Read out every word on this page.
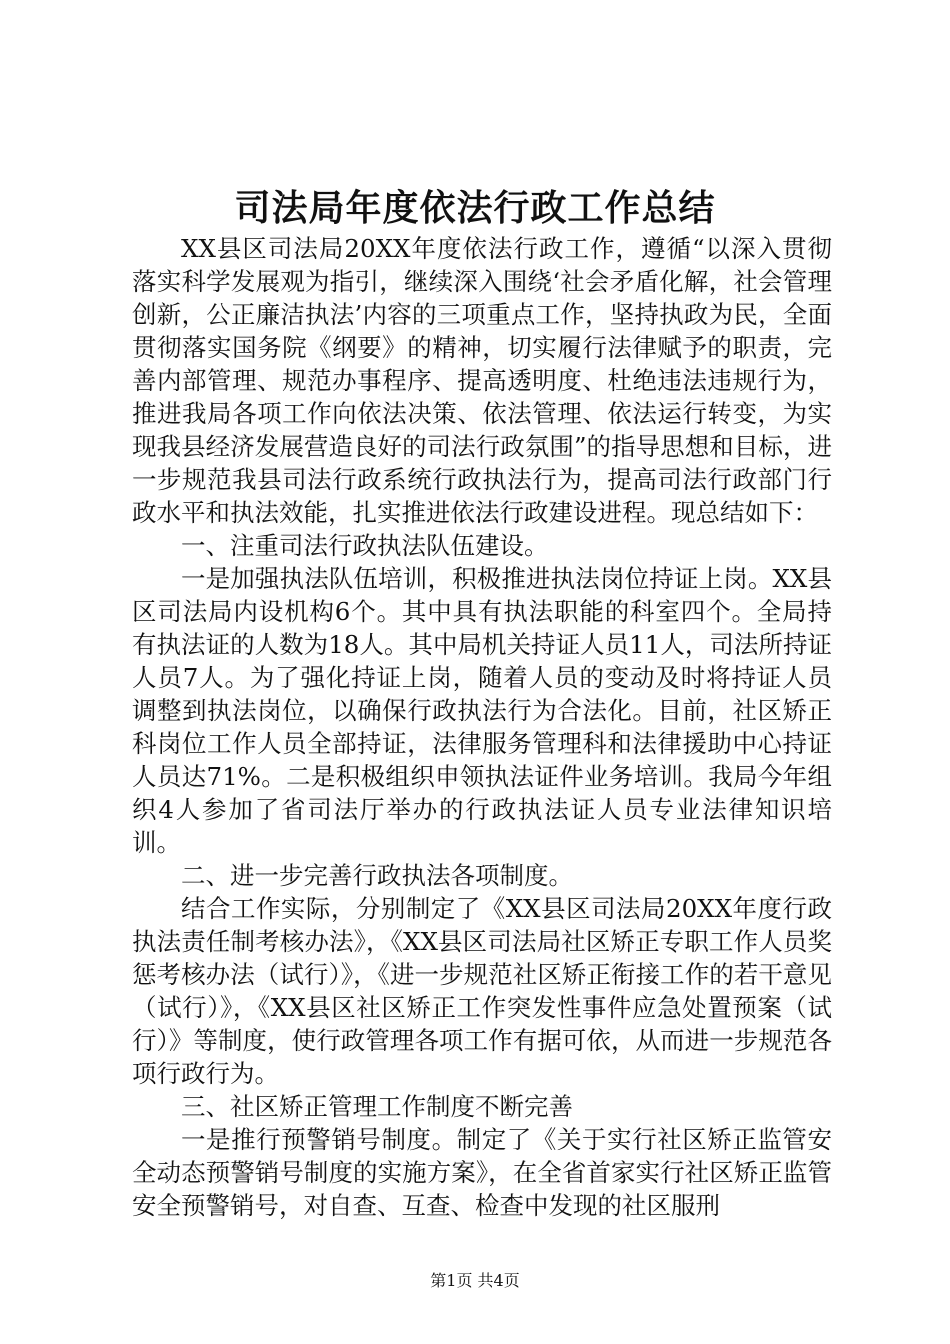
司法局年度依法行政工作总结

XX县区司法局20XX年度依法行政工作，遵循“以深入贯彻落实科学发展观为指引，继续深入围绕‘社会矛盾化解，社会管理创新，公正廉洁执法’内容的三项重点工作，坚持执政为民，全面贯彻落实国务院《纲要》的精神，切实履行法律赋予的职责，完善内部管理、规范办事程序、提高透明度、杜绝违法违规行为，推进我局各项工作向依法决策、依法管理、依法运行转变，为实现我县经济发展营造良好的司法行政氛围”的指导思想和目标，进一步规范我县司法行政系统行政执法行为，提高司法行政部门行政水平和执法效能，扎实推进依法行政建设进程。现总结如下：

一、注重司法行政执法队伍建设。

一是加强执法队伍培训，积极推进执法岗位持证上岗。XX县区司法局内设机构6个。其中具有执法职能的科室四个。全局持有执法证的人数为18人。其中局机关持证人员11人，司法所持证人员7人。为了强化持证上岗，随着人员的变动及时将持证人员调整到执法岗位，以确保行政执法行为合法化。目前，社区矫正科岗位工作人员全部持证，法律服务管理科和法律援助中心持证人员达71%。二是积极组织申领执法证件业务培训。我局今年组织4人参加了省司法厅举办的行政执法证人员专业法律知识培训。

二、进一步完善行政执法各项制度。

结合工作实际，分别制定了《XX县区司法局20XX年度行政执法责任制考核办法》，《XX县区司法局社区矫正专职工作人员奖惩考核办法（试行）》，《进一步规范社区矫正衔接工作的若干意见（试行）》，《XX县区社区矫正工作突发性事件应急处置预案（试行）》等制度，使行政管理各项工作有据可依，从而进一步规范各项行政行为。

三、社区矫正管理工作制度不断完善

一是推行预警销号制度。制定了《关于实行社区矫正监管安全动态预警销号制度的实施方案》，在全省首家实行社区矫正监管安全预警销号，对自查、互查、检查中发现的社区服刑

第1页 共4页
